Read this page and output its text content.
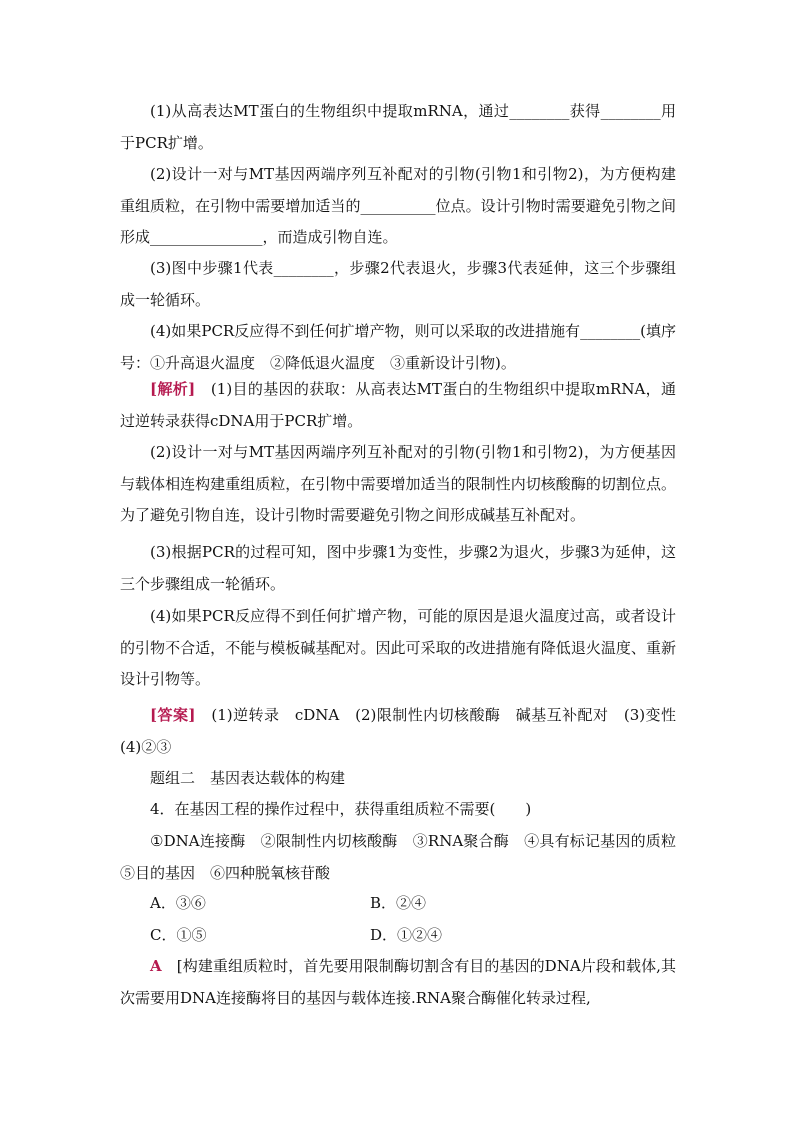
(1)从高表达MT蛋白的生物组织中提取mRNA，通过________获得________用于PCR扩增。
(2)设计一对与MT基因两端序列互补配对的引物(引物1和引物2)，为方便构建重组质粒，在引物中需要增加适当的__________位点。设计引物时需要避免引物之间形成_______________，而造成引物自连。
(3)图中步骤1代表________，步骤2代表退火，步骤3代表延伸，这三个步骤组成一轮循环。
(4)如果PCR反应得不到任何扩增产物，则可以采取的改进措施有________(填序号：①升高退火温度　②降低退火温度　③重新设计引物)。
[解析]　(1)目的基因的获取：从高表达MT蛋白的生物组织中提取mRNA，通过逆转录获得cDNA用于PCR扩增。
(2)设计一对与MT基因两端序列互补配对的引物(引物1和引物2)，为方便基因与载体相连构建重组质粒，在引物中需要增加适当的限制性内切核酸酶的切割位点。为了避免引物自连，设计引物时需要避免引物之间形成碱基互补配对。
(3)根据PCR的过程可知，图中步骤1为变性，步骤2为退火，步骤3为延伸，这三个步骤组成一轮循环。
(4)如果PCR反应得不到任何扩增产物，可能的原因是退火温度过高，或者设计的引物不合适，不能与模板碱基配对。因此可采取的改进措施有降低退火温度、重新设计引物等。
[答案]　(1)逆转录　cDNA　(2)限制性内切核酸酶　碱基互补配对　(3)变性　(4)②③
题组二　基因表达载体的构建
4．在基因工程的操作过程中，获得重组质粒不需要(　　)
①DNA连接酶　②限制性内切核酸酶　③RNA聚合酶　④具有标记基因的质粒　⑤目的基因　⑥四种脱氧核苷酸
A．③⑥	B．②④
C．①⑤	D．①②④
A　[构建重组质粒时，首先要用限制酶切割含有目的基因的DNA片段和载体,其次需要用DNA连接酶将目的基因与载体连接.RNA聚合酶催化转录过程,
